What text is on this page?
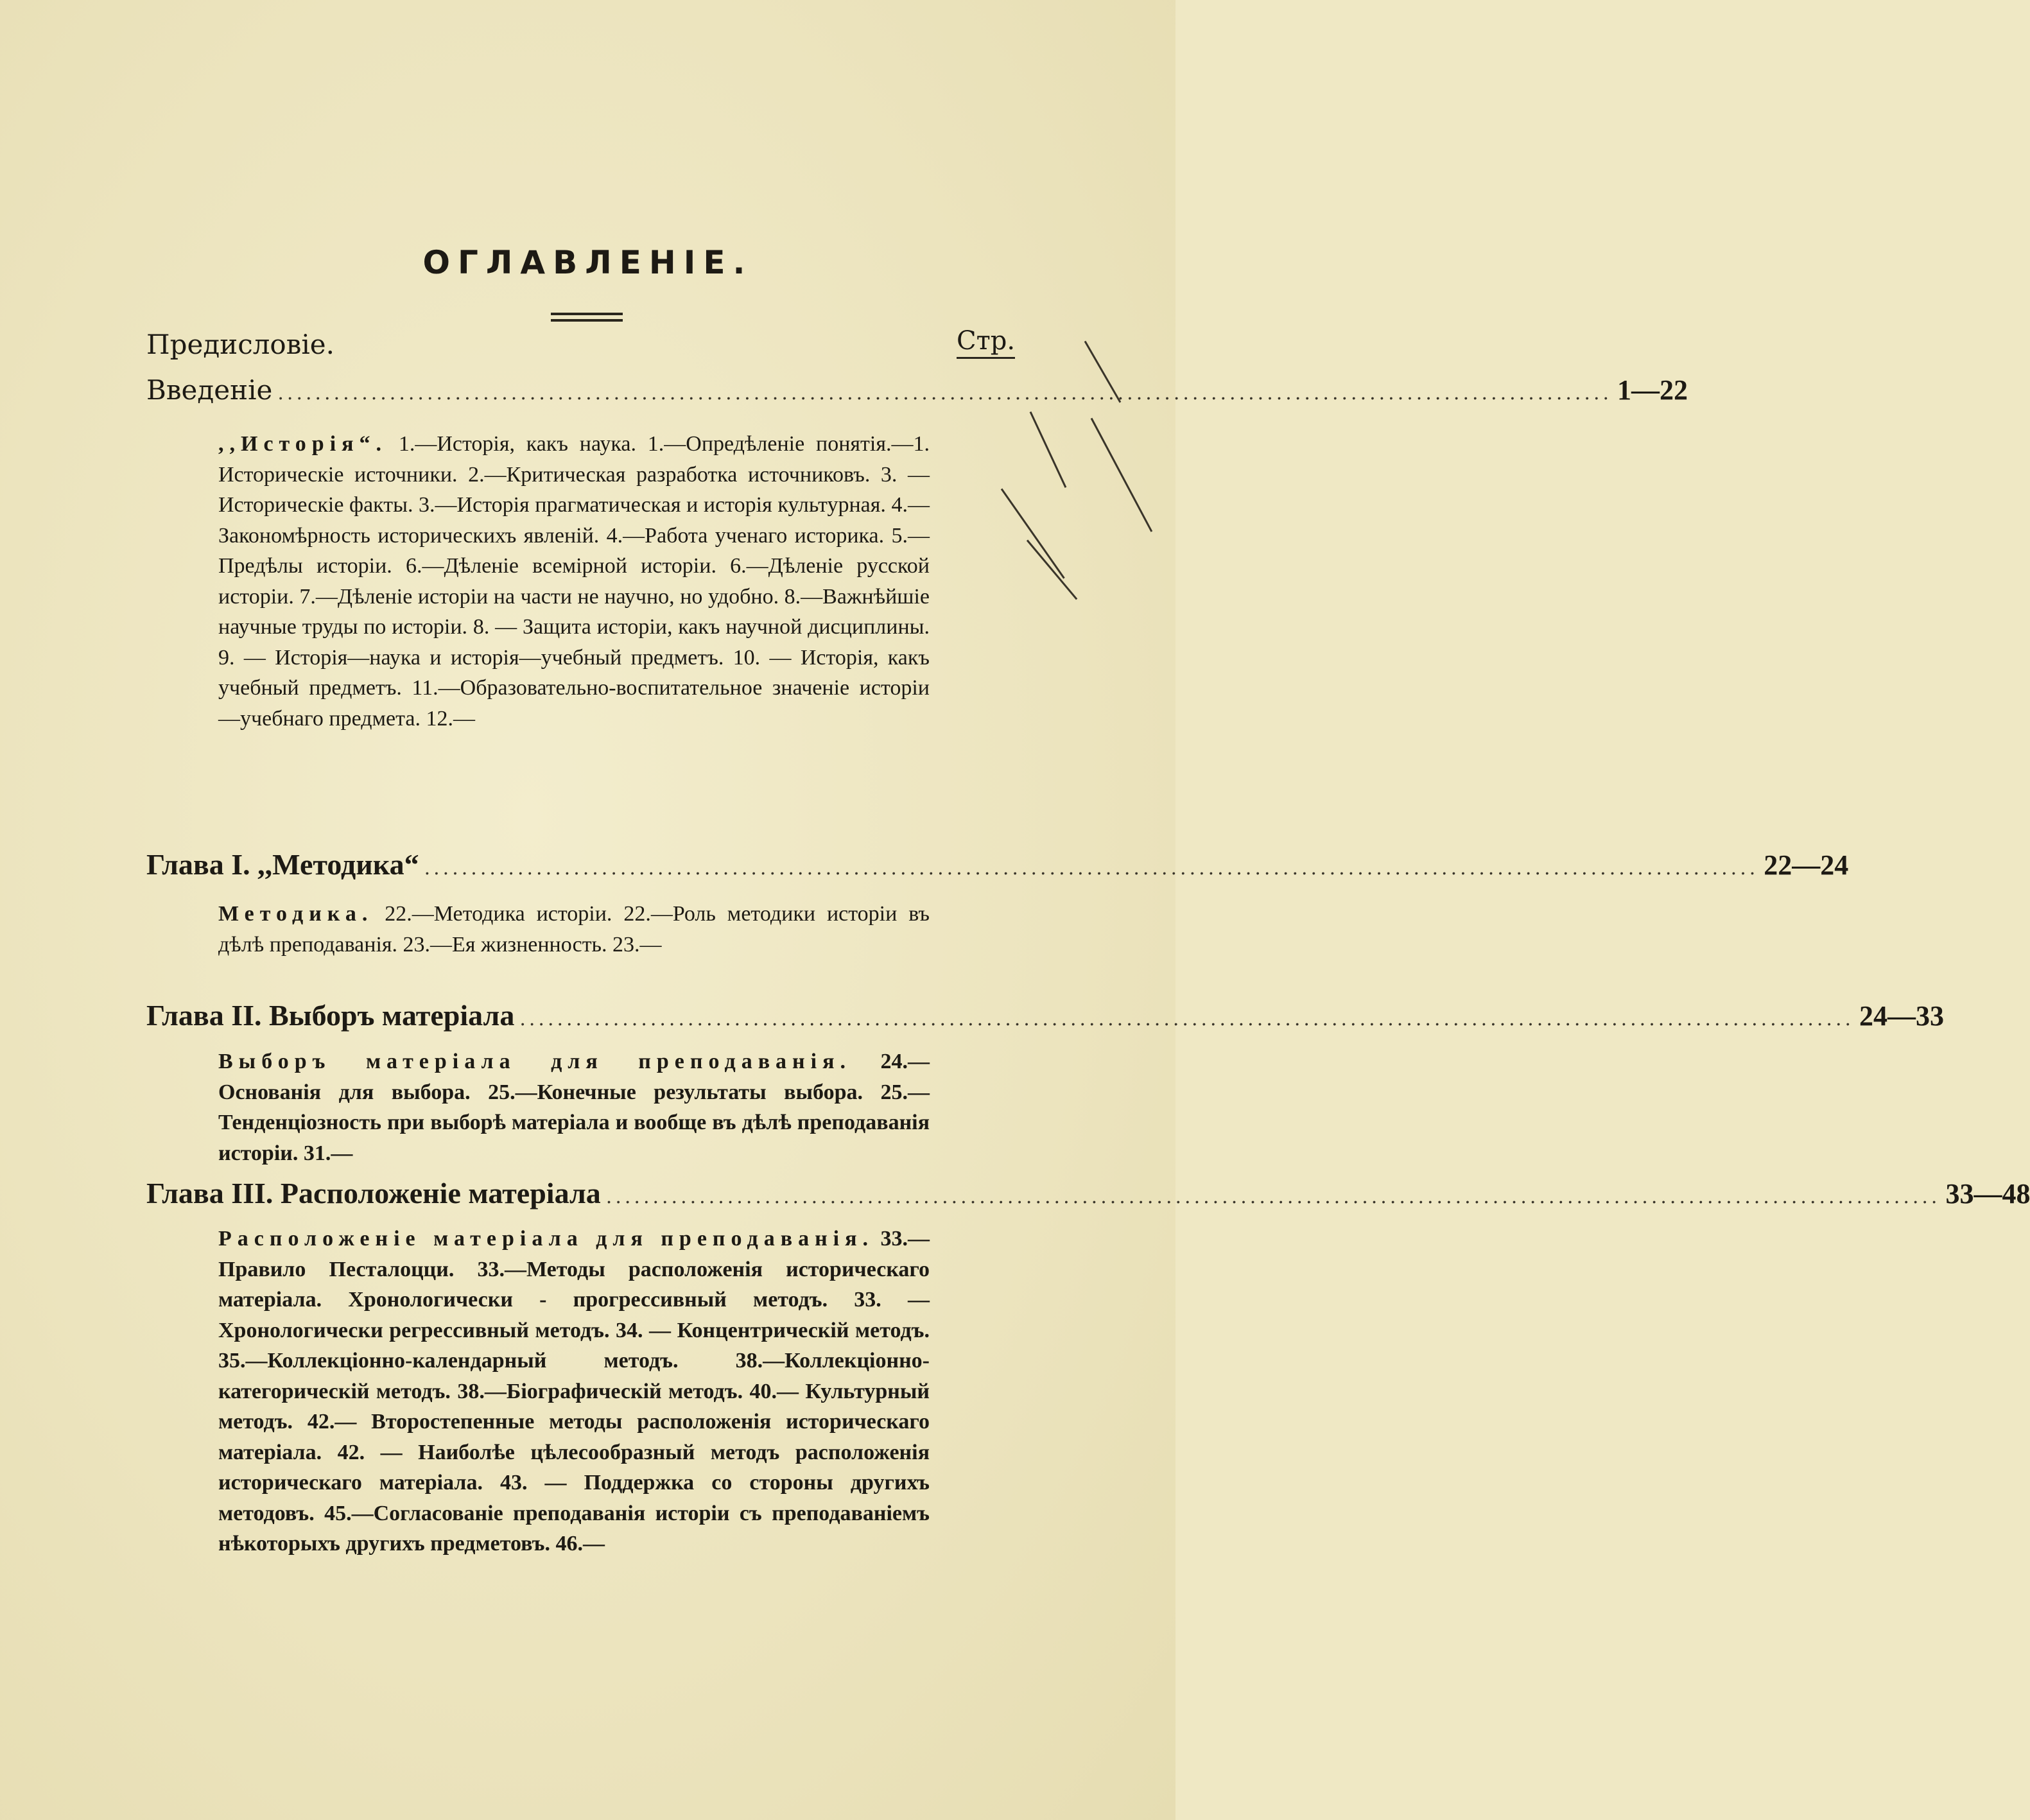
ОГЛАВЛЕНІЕ.
Стр.
Предисловіе.
Введеніе ............................................................................................................................................... 1—22
,,Исторія“. 1.—Исторія, какъ наука. 1.—Опредѣленіе понятія.—1. Историческіе источники. 2.—Критическая разработка источниковъ. 3. — Историческіе факты. 3.—Исторія прагматическая и исторія культурная. 4.—Закономѣрность историческихъ явленій. 4.—Работа ученаго историка. 5.—Предѣлы исторіи. 6.—Дѣленіе всемірной исторіи. 6.—Дѣленіе русской исторіи. 7.—Дѣленіе исторіи на части не научно, но удобно. 8.—Важнѣйшіе научные труды по исторіи. 8. — Защита исторіи, какъ научной дисциплины. 9. — Исторія—наука и исторія—учебный предметъ. 10. — Исторія, какъ учебный предметъ. 11.—Образовательно-воспитательное значеніе исторіи—учебнаго предмета. 12.—
Глава I. ,,Методика“ ............................................................................................................................................... 22—24
Методика. 22.—Методика исторіи. 22.—Роль методики исторіи въ дѣлѣ преподаванія. 23.—Ея жизненность. 23.—
Глава II. Выборъ матеріала ............................................................................................................................................... 24—33
Выборъ матеріала для преподаванія. 24.—Основанія для выбора. 25.—Конечные результаты выбора. 25.—Тенденціозность при выборѣ матеріала и вообще въ дѣлѣ преподаванія исторіи. 31.—
Глава III. Расположеніе матеріала ............................................................................................................................................... 33—48
Расположеніе матеріала для преподаванія. 33.—Правило Песталоцци. 33.—Методы расположенія историческаго матеріала. Хронологически - прогрессивный методъ. 33. — Хронологически регрессивный методъ. 34. — Концентрическій методъ. 35.—Коллекціонно-календарный методъ. 38.—Коллекціонно-категорическій методъ. 38.—Біографическій методъ. 40.— Культурный методъ. 42.— Второстепенные методы расположенія историческаго матеріала. 42. — Наиболѣе цѣлесообразный методъ расположенія историческаго матеріала. 43. — Поддержка со стороны другихъ методовъ. 45.—Согласованіе преподаванія исторіи съ преподаваніемъ нѣкоторыхъ другихъ предметовъ. 46.—
